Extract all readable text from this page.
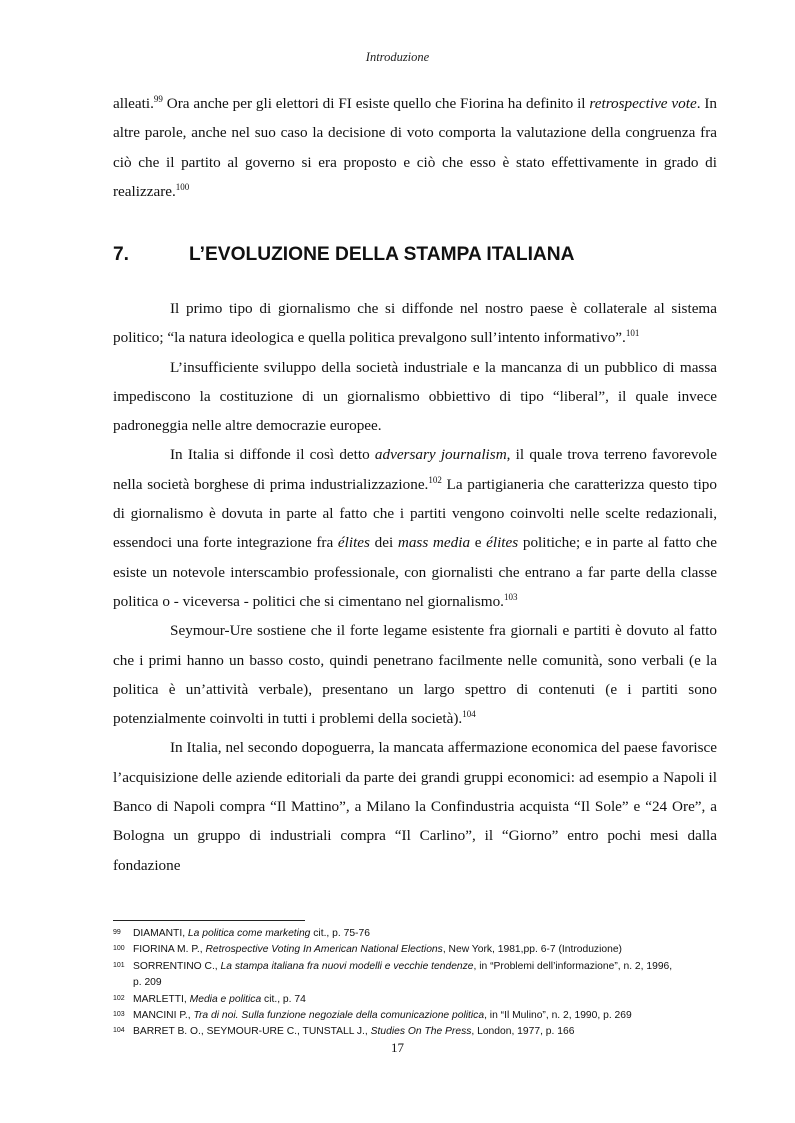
Introduzione

alleati.$^{99}$ Ora anche per gli elettori di FI esiste quello che Fiorina ha definito il retrospective vote. In altre parole, anche nel suo caso la decisione di voto comporta la valutazione della congruenza fra ciò che il partito al governo si era proposto e ciò che esso è stato effettivamente in grado di realizzare.$^{100}$

7.	L’EVOLUZIONE DELLA STAMPA ITALIANA

Il primo tipo di giornalismo che si diffonde nel nostro paese è collaterale al sistema politico; “la natura ideologica e quella politica prevalgono sull’intento informativo”.$^{101}$

L’insufficiente sviluppo della società industriale e la mancanza di un pubblico di massa impediscono la costituzione di un giornalismo obbiettivo di tipo “liberal”, il quale invece padroneggia nelle altre democrazie europee.

In Italia si diffonde il così detto adversary journalism, il quale trova terreno favorevole nella società borghese di prima industrializzazione.$^{102}$ La partigianeria che caratterizza questo tipo di giornalismo è dovuta in parte al fatto che i partiti vengono coinvolti nelle scelte redazionali, essendoci una forte integrazione fra élites dei mass media e élites politiche; e in parte al fatto che esiste un notevole interscambio professionale, con giornalisti che entrano a far parte della classe politica o - viceversa - politici che si cimentano nel giornalismo.$^{103}$

Seymour-Ure sostiene che il forte legame esistente fra giornali e partiti è dovuto al fatto che i primi hanno un basso costo, quindi penetrano facilmente nelle comunità, sono verbali (e la politica è un’attività verbale), presentano un largo spettro di contenuti (e i partiti sono potenzialmente coinvolti in tutti i problemi della società).$^{104}$

In Italia, nel secondo dopoguerra, la mancata affermazione economica del paese favorisce l’acquisizione delle aziende editoriali da parte dei grandi gruppi economici: ad esempio a Napoli il Banco di Napoli compra “Il Mattino”, a Milano la Confindustria acquista “Il Sole” e “24 Ore”, a Bologna un gruppo di industriali compra “Il Carlino”, il “Giorno” entro pochi mesi dalla fondazione

99 DIAMANTI, La politica come marketing cit., p. 75-76
100 FIORINA M. P., Retrospective Voting In American National Elections, New York, 1981,pp. 6-7 (Introduzione)
101 SORRENTINO C., La stampa italiana fra nuovi modelli e vecchie tendenze, in “Problemi dell’informazione”, n. 2, 1996,
p. 209
102 MARLETTI, Media e politica cit., p. 74
103 MANCINI P., Tra di noi. Sulla funzione negoziale della comunicazione politica, in “Il Mulino”, n. 2, 1990, p. 269
104 BARRET B. O., SEYMOUR-URE C., TUNSTALL J., Studies On The Press, London, 1977, p. 166
17
